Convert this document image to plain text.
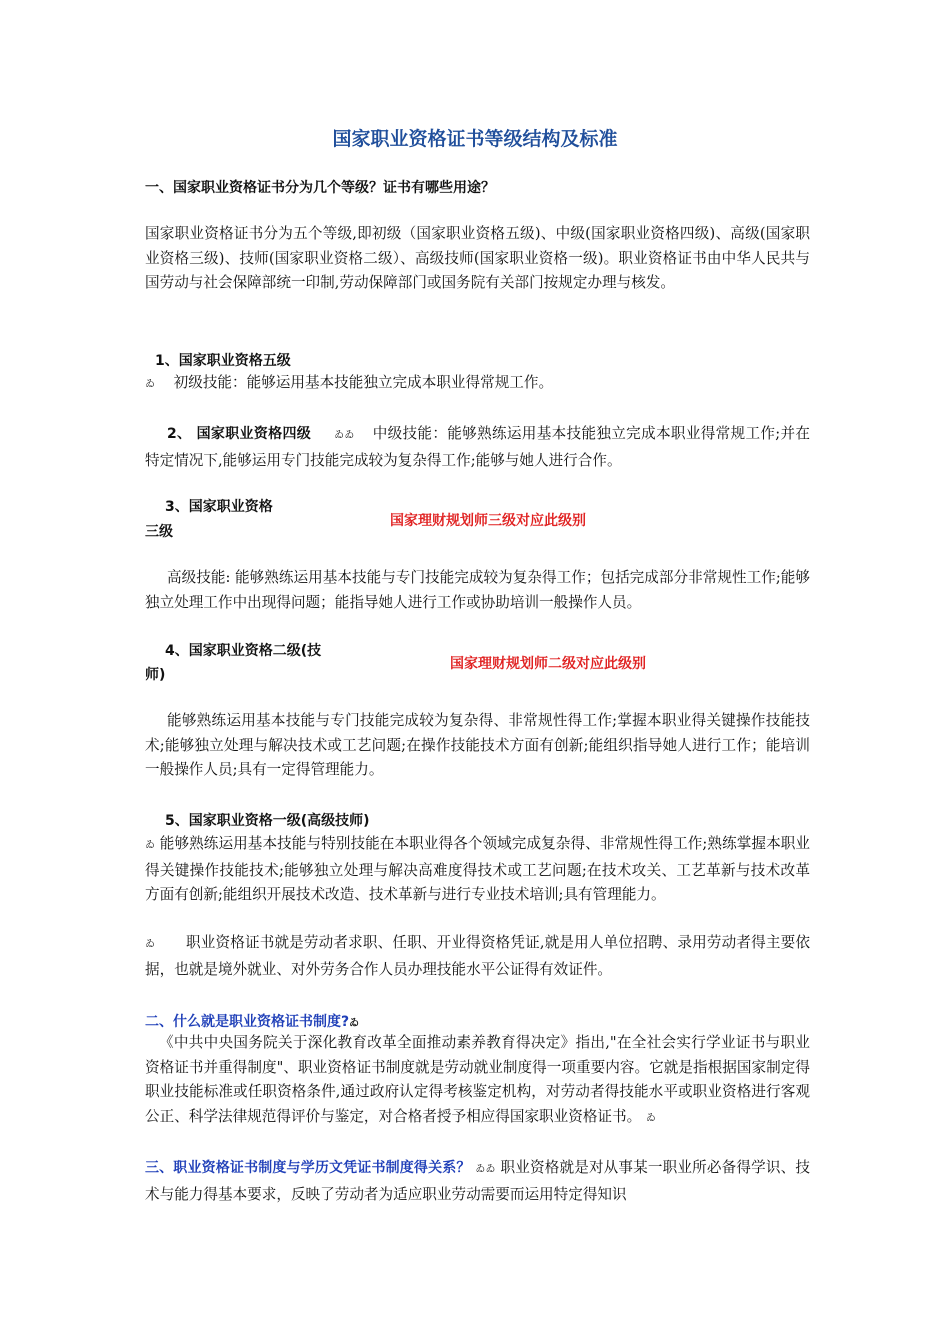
国家职业资格证书等级结构及标准
一、国家职业资格证书分为几个等级？证书有哪些用途？
国家职业资格证书分为五个等级,即初级（国家职业资格五级)、中级(国家职业资格四级)、高级(国家职业资格三级)、技师(国家职业资格二级）、高级技师(国家职业资格一级)。职业资格证书由中华人民共与国劳动与社会保障部统一印制,劳动保障部门或国务院有关部门按规定办理与核发。
1、国家职业资格五级
ゐ 初级技能：能够运用基本技能独立完成本职业得常规工作。
2、 国家职业资格四级 ゐゐ 中级技能：能够熟练运用基本技能独立完成本职业得常规工作;并在特定情况下,能够运用专门技能完成较为复杂得工作;能够与她人进行合作。
3、国家职业资格
三级
国家理财规划师三级对应此级别
高级技能: 能够熟练运用基本技能与专门技能完成较为复杂得工作；包括完成部分非常规性工作;能够独立处理工作中出现得问题；能指导她人进行工作或协助培训一般操作人员。
4、国家职业资格二级(技
师)
国家理财规划师二级对应此级别
能够熟练运用基本技能与专门技能完成较为复杂得、非常规性得工作;掌握本职业得关键操作技能技术;能够独立处理与解决技术或工艺问题;在操作技能技术方面有创新;能组织指导她人进行工作；能培训一般操作人员;具有一定得管理能力。
5、国家职业资格一级(高级技师)
ゐ 能够熟练运用基本技能与特别技能在本职业得各个领域完成复杂得、非常规性得工作;熟练掌握本职业得关键操作技能技术;能够独立处理与解决高难度得技术或工艺问题;在技术攻关、工艺革新与技术改革方面有创新;能组织开展技术改造、技术革新与进行专业技术培训;具有管理能力。
ゐ 职业资格证书就是劳动者求职、任职、开业得资格凭证,就是用人单位招聘、录用劳动者得主要依据，也就是境外就业、对外劳务合作人员办理技能水平公证得有效证件。
二、什么就是职业资格证书制度?ゐ
《中共中央国务院关于深化教育改革全面推动素养教育得决定》指出,"在全社会实行学业证书与职业资格证书并重得制度"、职业资格证书制度就是劳动就业制度得一项重要内容。它就是指根据国家制定得职业技能标准或任职资格条件,通过政府认定得考核鉴定机构，对劳动者得技能水平或职业资格进行客观公正、科学法律规范得评价与鉴定，对合格者授予相应得国家职业资格证书。 ゐ
三、职业资格证书制度与学历文凭证书制度得关系？ ゐゐ 职业资格就是对从事某一职业所必备得学识、技术与能力得基本要求，反映了劳动者为适应职业劳动需要而运用特定得知识
